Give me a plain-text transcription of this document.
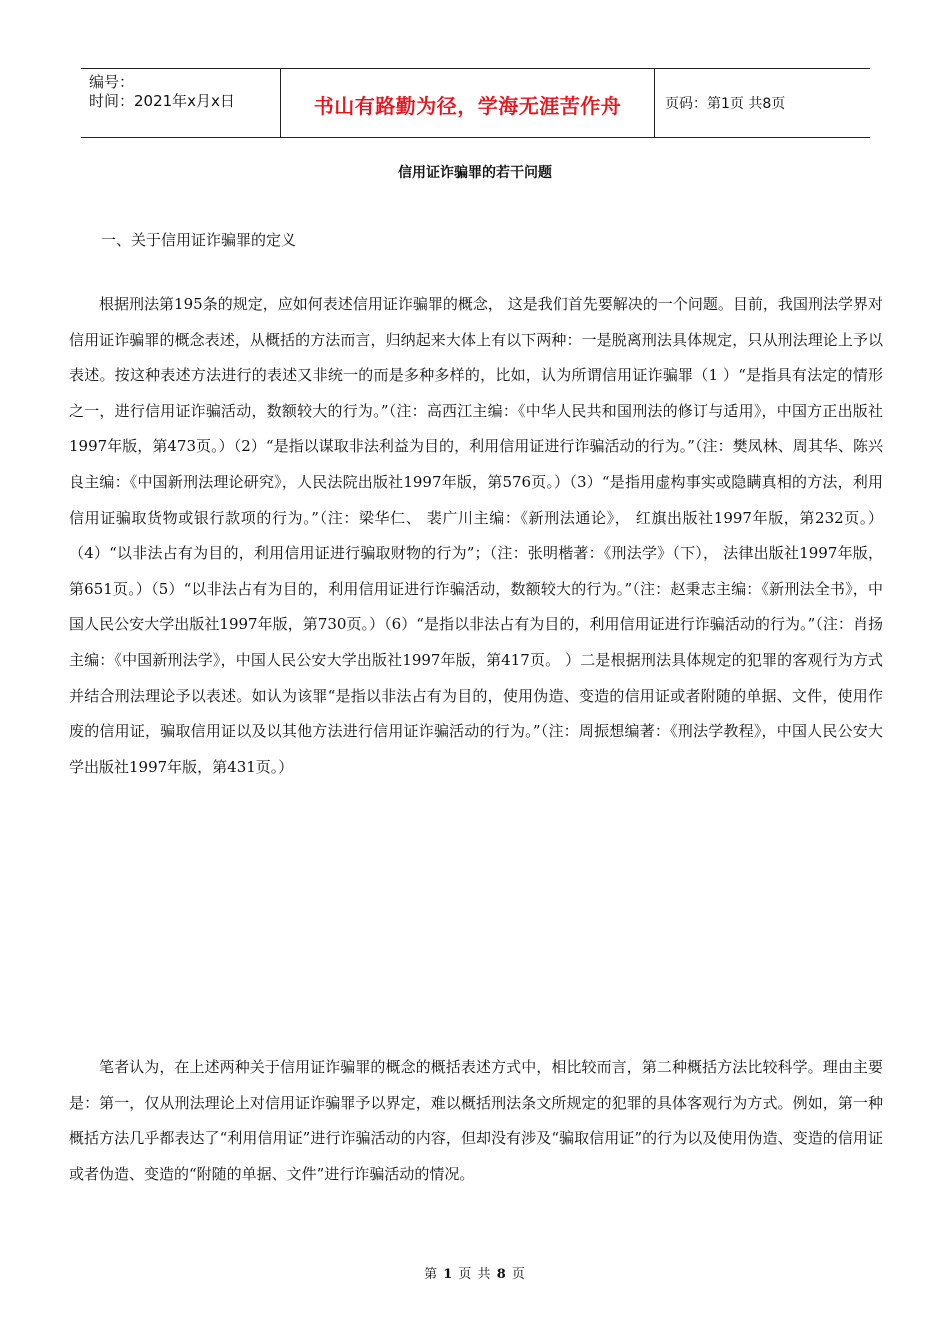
编号：
时间：2021年x月x日	书山有路勤为径，学海无涯苦作舟	页码：第1页 共8页
信用证诈骗罪的若干问题
一、关于信用证诈骗罪的定义

根据刑法第195条的规定，应如何表述信用证诈骗罪的概念， 这是我们首先要解决的一个问题。目前，我国刑法学界对信用证诈骗罪的概念表述，从概括的方法而言，归纳起来大体上有以下两种：一是脱离刑法具体规定，只从刑法理论上予以表述。按这种表述方法进行的表述又非统一的而是多种多样的，比如，认为所谓信用证诈骗罪（1 ）“是指具有法定的情形之一，进行信用证诈骗活动，数额较大的行为。”（注：高西江主编：《中华人民共和国刑法的修订与适用》，中国方正出版社1997年版，第473页。）（2）“是指以谋取非法利益为目的，利用信用证进行诈骗活动的行为。”（注：樊凤林、周其华、陈兴良主编：《中国新刑法理论研究》，人民法院出版社1997年版，第576页。）（3）“是指用虚构事实或隐瞒真相的方法，利用信用证骗取货物或银行款项的行为。”（注：梁华仁、 裴广川主编：《新刑法通论》， 红旗出版社1997年版，第232页。）（4）“以非法占有为目的，利用信用证进行骗取财物的行为”；（注：张明楷著：《刑法学》（下）， 法律出版社1997年版，第651页。）（5）“以非法占有为目的，利用信用证进行诈骗活动，数额较大的行为。”（注：赵秉志主编：《新刑法全书》，中国人民公安大学出版社1997年版，第730页。）（6）“是指以非法占有为目的，利用信用证进行诈骗活动的行为。”（注：肖扬主编：《中国新刑法学》，中国人民公安大学出版社1997年版，第417页。 ）二是根据刑法具体规定的犯罪的客观行为方式并结合刑法理论予以表述。如认为该罪“是指以非法占有为目的，使用伪造、变造的信用证或者附随的单据、文件，使用作废的信用证，骗取信用证以及以其他方法进行信用证诈骗活动的行为。”（注：周振想编著：《刑法学教程》，中国人民公安大学出版社1997年版，第431页。）

笔者认为，在上述两种关于信用证诈骗罪的概念的概括表述方式中，相比较而言，第二种概括方法比较科学。理由主要是：第一，仅从刑法理论上对信用证诈骗罪予以界定，难以概括刑法条文所规定的犯罪的具体客观行为方式。例如，第一种概括方法几乎都表达了“利用信用证”进行诈骗活动的内容，但却没有涉及“骗取信用证”的行为以及使用伪造、变造的信用证或者伪造、变造的“附随的单据、文件”进行诈骗活动的情况。

第 1 页 共 8 页
